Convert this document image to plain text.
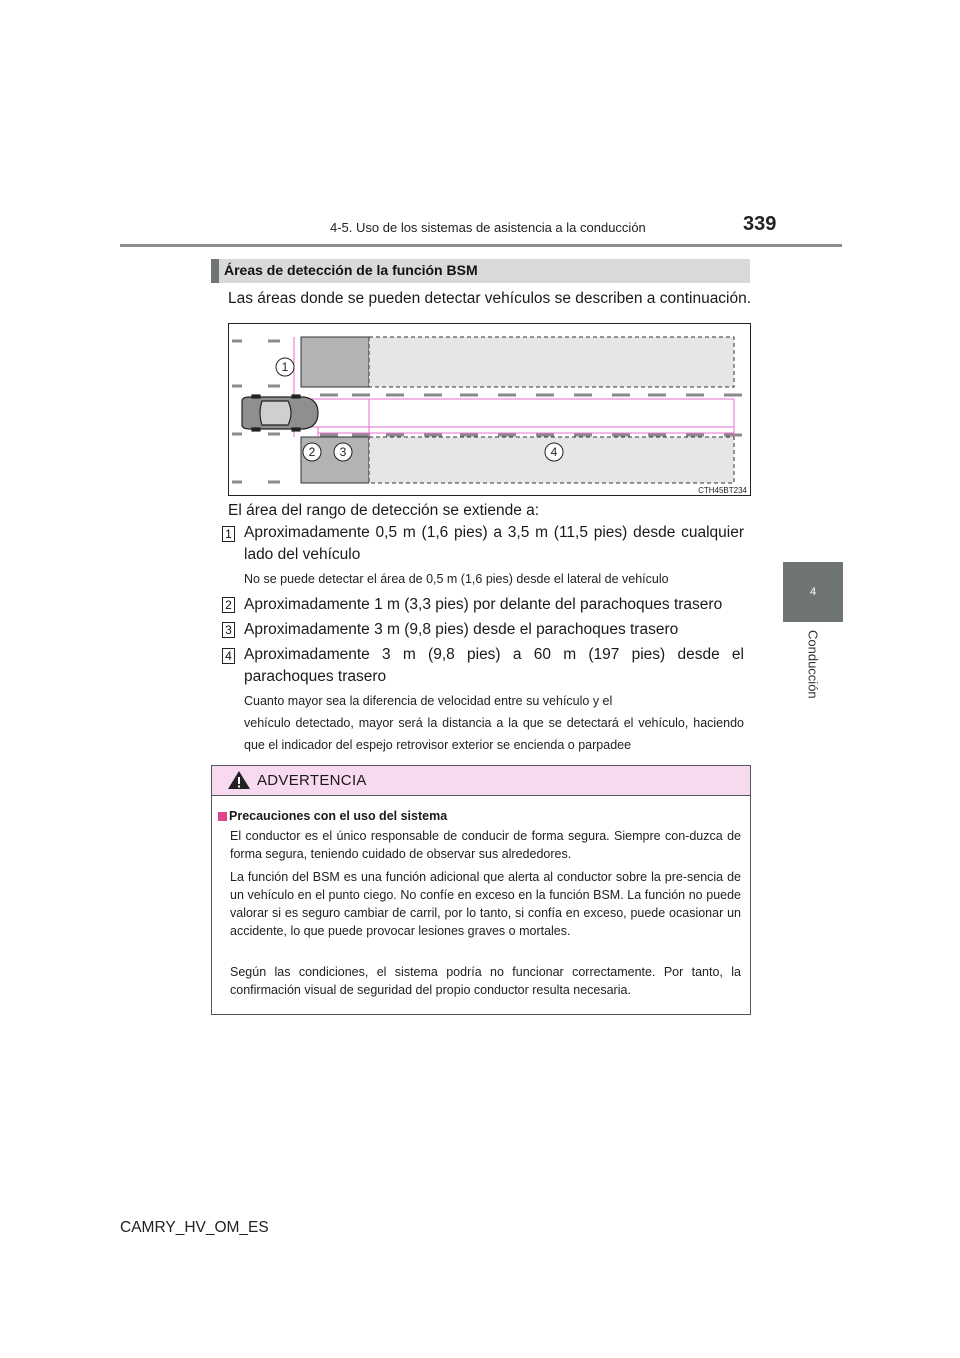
4-5. Uso de los sistemas de asistencia a la conducción	339
4
Conducción
Áreas de detección de la función BSM
Las áreas donde se pueden detectar vehículos se describen a continuación.
1
2 3	4
CTH45BT234
El área del rango de detección se extiende a:
1 Aproximadamente 0,5 m (1,6 pies) a 3,5 m (11,5 pies) desde cualquier lado del vehículo
No se puede detectar el área de 0,5 m (1,6 pies) desde el lateral de vehículo
2 Aproximadamente 1 m (3,3 pies) por delante del parachoques trasero
3 Aproximadamente 3 m (9,8 pies) desde el parachoques trasero
4 Aproximadamente 3 m (9,8 pies) a 60 m (197 pies) desde el parachoques trasero
Cuanto mayor sea la diferencia de velocidad entre su vehículo y el
vehículo detectado, mayor será la distancia a la que se detectará el vehículo, haciendo que el indicador del espejo retrovisor exterior se encienda o parpadee
ADVERTENCIA
Precauciones con el uso del sistema
El conductor es el único responsable de conducir de forma segura. Siempre con-duzca de forma segura, teniendo cuidado de observar sus alrededores.
La función del BSM es una función adicional que alerta al conductor sobre la pre-sencia de un vehículo en el punto ciego. No confíe en exceso en la función BSM. La función no puede valorar si es seguro cambiar de carril, por lo tanto, si confía en exceso, puede ocasionar un accidente, lo que puede provocar lesiones graves o mortales.
Según las condiciones, el sistema podría no funcionar correctamente. Por tanto, la confirmación visual de seguridad del propio conductor resulta necesaria.
CAMRY_HV_OM_ES
